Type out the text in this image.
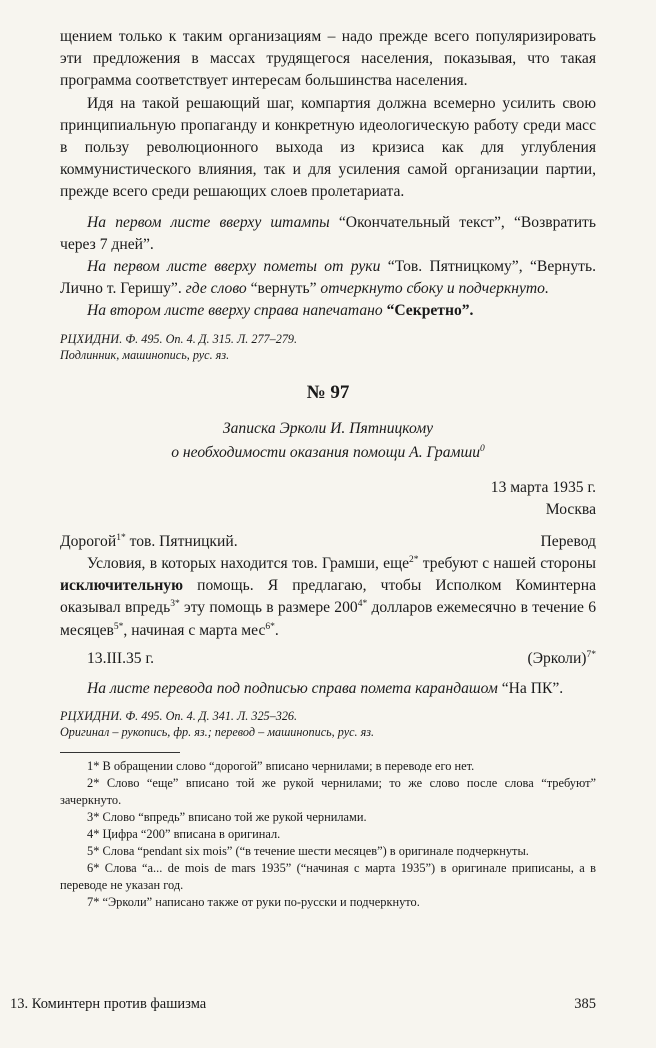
щением только к таким организациям – надо прежде всего популяризировать эти предложения в массах трудящегося населения, показывая, что такая программа соответствует интересам большинства населения.

Идя на такой решающий шаг, компартия должна всемерно усилить свою принципиальную пропаганду и конкретную идеологическую работу среди масс в пользу революционного выхода из кризиса как для углубления коммунистического влияния, так и для усиления самой организации партии, прежде всего среди решающих слоев пролетариата.

На первом листе вверху штампы “Окончательный текст”, “Возвратить через 7 дней”.

На первом листе вверху пометы от руки “Тов. Пятницкому”, “Вернуть. Лично т. Геришу”. где слово “вернуть” отчеркнуто сбоку и подчеркнуто.

На втором листе вверху справа напечатано “Секретно”.

РЦХИДНИ. Ф. 495. Оп. 4. Д. 315. Л. 277–279.
Подлинник, машинопись, рус. яз.
№ 97
Записка Эрколи И. Пятницкому
о необходимости оказания помощи А. Грамши$^0$
13 марта 1935 г.
Москва
Дорогой$^{1*}$ тов. Пятницкий.	Перевод

Условия, в которых находится тов. Грамши, еще$^{2*}$ требуют с нашей стороны исключительную помощь. Я предлагаю, чтобы Исполком Коминтерна оказывал впредь$^{3*}$ эту помощь в размере $200^{4*}$ долларов ежемесячно в течение 6 месяцев$^{5*}$, начиная с марта мес$^{6*}$.

13.III.35 г.	(Эрколи)$^{7*}$

На листе перевода под подписью справа помета карандашом “На ПК”.

РЦХИДНИ. Ф. 495. Оп. 4. Д. 341. Л. 325–326.
Оригинал – рукопись, фр. яз.; перевод – машинопись, рус. яз.
1* В обращении слово “дорогой” вписано чернилами; в переводе его нет.
2* Слово “еще” вписано той же рукой чернилами; то же слово после слова “требуют” зачеркнуто.
3* Слово “впредь” вписано той же рукой чернилами.
4* Цифра “200” вписана в оригинал.
5* Слова “pendant six mois” (“в течение шести месяцев”) в оригинале подчеркнуты.
6* Слова “a... de mois de mars 1935” (“начиная с марта 1935”) в оригинале приписаны, а в переводе не указан год.
7* “Эрколи” написано также от руки по-русски и подчеркнуто.
13. Коминтерн против фашизма	385
